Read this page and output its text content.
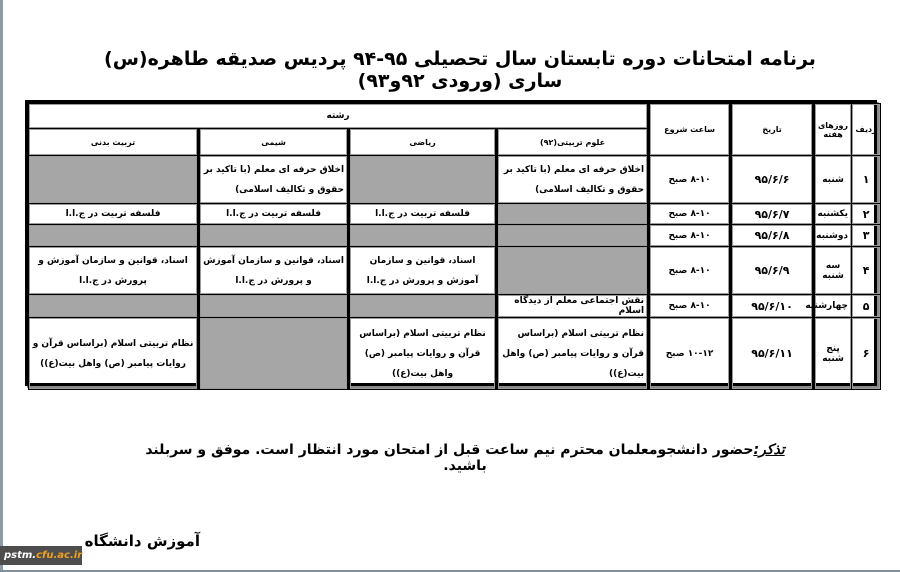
برنامه امتحانات دوره تابستان سال تحصیلی ۹۵-۹۴ پردیس صدیقه طاهره(س) ساری (ورودی ۹۲و۹۳)
ردیف	روزهای هفته	تاریخ	ساعت شروع	رشته			
				علوم تربیتی(۹۲)	ریاضی	شیمی	تربیت بدنی
۱	شنبه	۹۵/۶/۶	۸-۱۰ صبح	اخلاق حرفه ای معلم (با تاکید بر حقوق و تکالیف اسلامی)		اخلاق حرفه ای معلم (با تاکید بر حقوق و تکالیف اسلامی)	
۲	یکشنبه	۹۵/۶/۷	۸-۱۰ صبح		فلسفه تربیت در ج.ا.ا	فلسفه تربیت در ج.ا.ا	فلسفه تربیت در ج.ا.ا
۳	دوشنبه	۹۵/۶/۸	۸-۱۰ صبح				
۴	سه شنبه	۹۵/۶/۹	۸-۱۰ صبح		اسناد، قوانین و سازمان آموزش و پرورش در ج.ا.ا	اسناد، قوانین و سازمان آموزش و پرورش در ج.ا.ا	اسناد، قوانین و سازمان آموزش و پرورش در ج.ا.ا
۵	چهارشنبه	۹۵/۶/۱۰	۸-۱۰ صبح	نقش اجتماعی معلم از دیدگاه اسلام			
۶	پنج شنبه	۹۵/۶/۱۱	۱۰-۱۲ صبح	نظام تربیتی اسلام (براساس قرآن و روایات پیامبر (ص) واهل بیت(ع))	نظام تربیتی اسلام (براساس قرآن و روایات پیامبر (ص) واهل بیت(ع))		نظام تربیتی اسلام (براساس قرآن و روایات پیامبر (ص) واهل بیت(ع))
تذکر:حضور دانشجومعلمان محترم نیم ساعت قبل از امتحان مورد انتظار است. موفق و سربلند باشید.
آموزش دانشگاه
pstm.cfu.ac.ir
